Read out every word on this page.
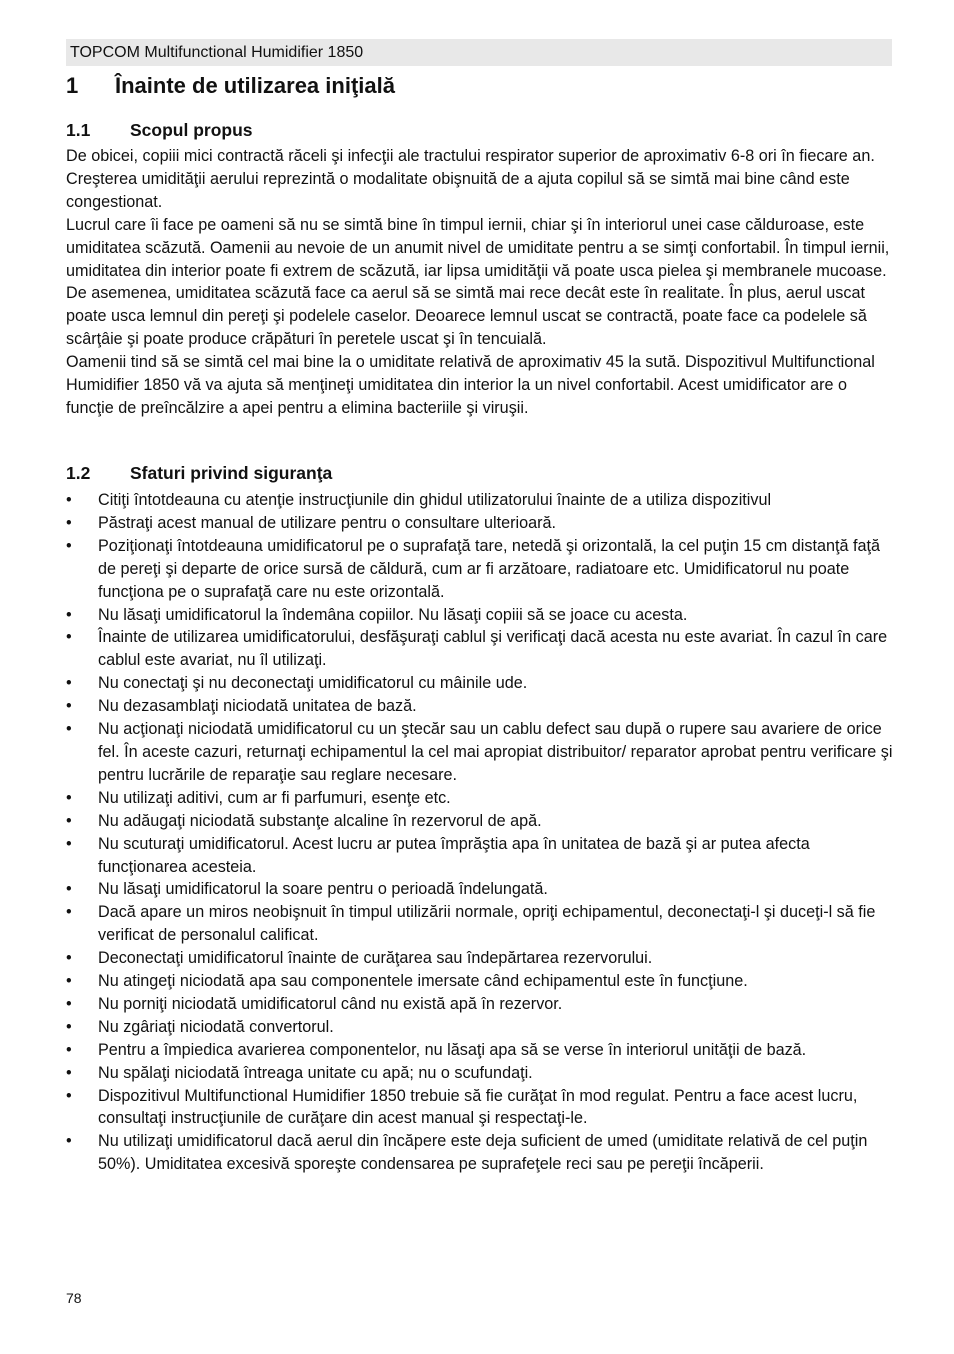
TOPCOM Multifunctional Humidifier 1850
1 Înainte de utilizarea iniţială
1.1 Scopul propus

De obicei, copiii mici contractă răceli şi infecţii ale tractului respirator superior de aproximativ 6-8 ori în fiecare an. Creşterea umidităţii aerului reprezintă o modalitate obişnuită de a ajuta copilul să se simtă mai bine când este congestionat.

Lucrul care îi face pe oameni să nu se simtă bine în timpul iernii, chiar şi în interiorul unei case călduroase, este umiditatea scăzută. Oamenii au nevoie de un anumit nivel de umiditate pentru a se simţi confortabil. În timpul iernii, umiditatea din interior poate fi extrem de scăzută, iar lipsa umidităţii vă poate usca pielea şi membranele mucoase. De asemenea, umiditatea scăzută face ca aerul să se simtă mai rece decât este în realitate. În plus, aerul uscat poate usca lemnul din pereţi şi podelele caselor. Deoarece lemnul uscat se contractă, poate face ca podelele să scârţâie şi poate produce crăpături în peretele uscat şi în tencuială.

Oamenii tind să se simtă cel mai bine la o umiditate relativă de aproximativ 45 la sută. Dispozitivul Multifunctional Humidifier 1850 vă va ajuta să menţineţi umiditatea din interior la un nivel confortabil. Acest umidificator are o funcţie de preîncălzire a apei pentru a elimina bacteriile şi viruşii.

1.2 Sfaturi privind siguranţa
• Citiţi întotdeauna cu atenţie instrucţiunile din ghidul utilizatorului înainte de a utiliza dispozitivul
• Păstraţi acest manual de utilizare pentru o consultare ulterioară.
• Poziţionaţi întotdeauna umidificatorul pe o suprafaţă tare, netedă şi orizontală, la cel puţin 15 cm distanţă faţă de pereţi şi departe de orice sursă de căldură, cum ar fi arzătoare, radiatoare etc. Umidificatorul nu poate funcţiona pe o suprafaţă care nu este orizontală.
• Nu lăsaţi umidificatorul la îndemâna copiilor. Nu lăsaţi copiii să se joace cu acesta.
• Înainte de utilizarea umidificatorului, desfăşuraţi cablul şi verificaţi dacă acesta nu este avariat. În cazul în care cablul este avariat, nu îl utilizaţi.
• Nu conectaţi şi nu deconectaţi umidificatorul cu mâinile ude.
• Nu dezasamblaţi niciodată unitatea de bază.
• Nu acţionaţi niciodată umidificatorul cu un ştecăr sau un cablu defect sau după o rupere sau avariere de orice fel. În aceste cazuri, returnaţi echipamentul la cel mai apropiat distribuitor/ reparator aprobat pentru verificare şi pentru lucrările de reparaţie sau reglare necesare.
• Nu utilizaţi aditivi, cum ar fi parfumuri, esenţe etc.
• Nu adăugaţi niciodată substanţe alcaline în rezervorul de apă.
• Nu scuturaţi umidificatorul. Acest lucru ar putea împrăştia apa în unitatea de bază şi ar putea afecta funcţionarea acesteia.
• Nu lăsaţi umidificatorul la soare pentru o perioadă îndelungată.
• Dacă apare un miros neobişnuit în timpul utilizării normale, opriţi echipamentul, deconectaţi-l şi duceţi-l să fie verificat de personalul calificat.
• Deconectaţi umidificatorul înainte de curăţarea sau îndepărtarea rezervorului.
• Nu atingeţi niciodată apa sau componentele imersate când echipamentul este în funcţiune.
• Nu porniţi niciodată umidificatorul când nu există apă în rezervor.
• Nu zgâriaţi niciodată convertorul.
• Pentru a împiedica avarierea componentelor, nu lăsaţi apa să se verse în interiorul unităţii de bază.
• Nu spălaţi niciodată întreaga unitate cu apă; nu o scufundaţi.
• Dispozitivul Multifunctional Humidifier 1850 trebuie să fie curăţat în mod regulat. Pentru a face acest lucru, consultaţi instrucţiunile de curăţare din acest manual şi respectaţi-le.
• Nu utilizaţi umidificatorul dacă aerul din încăpere este deja suficient de umed (umiditate relativă de cel puţin 50%). Umiditatea excesivă sporeşte condensarea pe suprafeţele reci sau pe pereţii încăperii.
78
